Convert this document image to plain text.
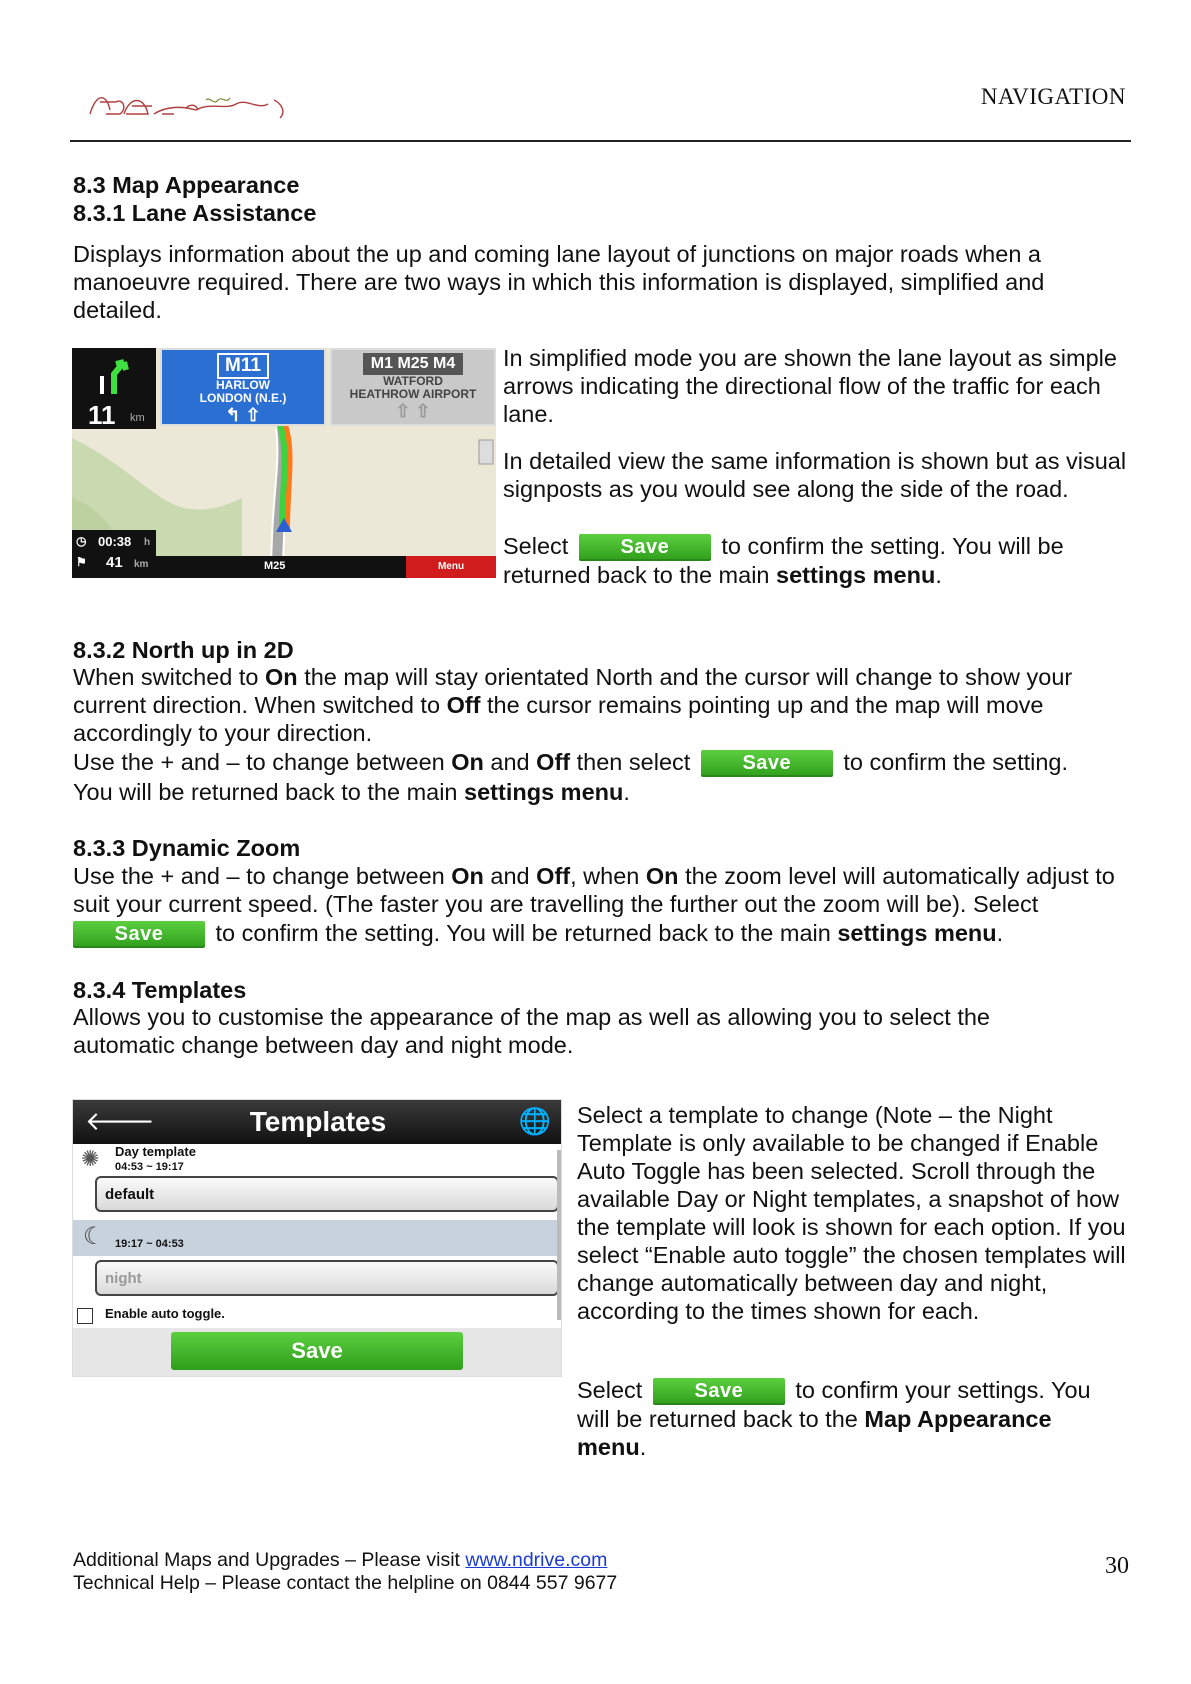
NAVIGATION
8.3 Map Appearance
8.3.1 Lane Assistance
Displays information about the up and coming lane layout of junctions on major roads when a manoeuvre required. There are two ways in which this information is displayed, simplified and detailed.
11 km
M11
HARLOW
LONDON (N.E.)
↰ ⇧
M1 M25 M4
WATFORD
HEATHROW AIRPORT
⇧ ⇧
◷ 00:38 h
⚑ 41 km	M25	Menu
In simplified mode you are shown the lane layout as simple arrows indicating the directional flow of the traffic for each lane.
In detailed view the same information is shown but as visual signposts as you would see along the side of the road.
Select	Save to confirm the setting. You will be returned back to the main settings menu.
8.3.2 North up in 2D
When switched to On the map will stay orientated North and the cursor will change to show your current direction. When switched to Off the cursor remains pointing up and the map will move accordingly to your direction.
Use the + and – to change between On and Off then select	Save to confirm the setting.
You will be returned back to the main settings menu.
8.3.3 Dynamic Zoom
Use the + and – to change between On and Off, when On the zoom level will automatically adjust to suit your current speed. (The faster you are travelling the further out the zoom will be). Select
Save to confirm the setting. You will be returned back to the main settings menu.
8.3.4 Templates
Allows you to customise the appearance of the map as well as allowing you to select the automatic change between day and night mode.
🡐	Templates	🌐
✺ Day template
04:53 ~ 19:17
default
☾ 19:17 ~ 04:53
night
Enable auto toggle.
Save
Select a template to change (Note – the Night Template is only available to be changed if Enable Auto Toggle has been selected. Scroll through the available Day or Night templates, a snapshot of how the template will look is shown for each option. If you select “Enable auto toggle” the chosen templates will change automatically between day and night, according to the times shown for each.
Select	Save to confirm your settings. You will be returned back to the Map Appearance menu.
Additional Maps and Upgrades – Please visit www.ndrive.com
Technical Help – Please contact the helpline on 0844 557 9677
30
